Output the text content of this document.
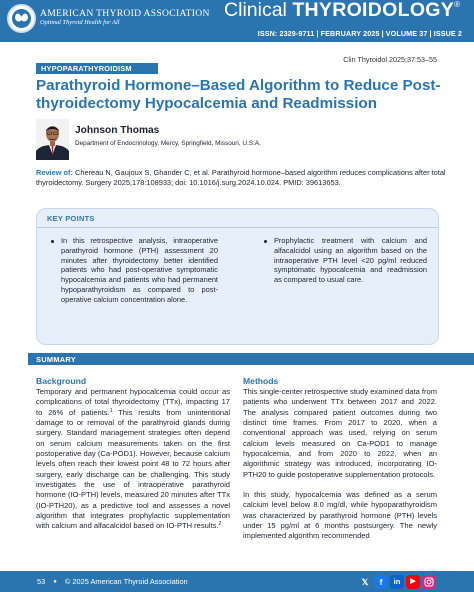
AMERICAN THYROID ASSOCIATION
Optimal Thyroid Health for All
Clinical THYROIDOLOGY®
ISSN: 2329-9711 | FEBRUARY 2025 | VOLUME 37 | ISSUE 2
Clin Thyroidol 2025;37:53–55
HYPOPARATHYROIDISM
Parathyroid Hormone–Based Algorithm to Reduce Post-thyroidectomy Hypocalcemia and Readmission
Johnson Thomas
Department of Endocrinology, Mercy, Springfield, Missouri, U.S.A.
Review of: Chereau N, Gaujoux S, Ghander C, et al. Parathyroid hormone–based algorithm reduces complications after total thyroidectomy. Surgery 2025;178:108933; doi: 10.1016/j.surg.2024.10.024. PMID: 39613653.
KEY POINTS
In this retrospective analysis, intraoperative parathyroid hormone (PTH) assessment 20 minutes after thyroidectomy better identified patients who had post-operative symptomatic hypocalcemia and patients who had permanent hypoparathyroidism as compared to post-operative calcium concentration alone.
Prophylactic treatment with calcium and alfacalcidol using an algorithm based on the intraoperative PTH level <20 pg/ml reduced symptomatic hypocalcemia and readmission as compared to usual care.
SUMMARY
Background
Temporary and permanent hypocalcemia could occur as complications of total thyroidectomy (TTx), impacting 17 to 26% of patients.$^1$ This results from unintentional damage to or removal of the parathyroid glands during surgery. Standard management strategies often depend on serum calcium measurements taken on the first postoperative day (Ca-POD1). However, because calcium levels often reach their lowest point 48 to 72 hours after surgery, early discharge can be challenging. This study investigates the use of intraoperative parathyroid hormone (IO-PTH) levels, measured 20 minutes after TTx (IO-PTH20), as a predictive tool and assesses a novel algorithm that integrates prophylactic supplementation with calcium and alfacalcidol based on IO-PTH results.$^2$
Methods
This single-center retrospective study examined data from patients who underwent TTx between 2017 and 2022. The analysis compared patient outcomes during two distinct time frames. From 2017 to 2020, when a conventional approach was used, relying on serum calcium levels measured on Ca-POD1 to manage hypocalcemia, and from 2020 to 2022, when an algorithmic strategy was introduced, incorporating IO-PTH20 to guide postoperative supplementation protocols.
In this study, hypocalcemia was defined as a serum calcium level below 8.0 mg/dl, while hypoparathyroidism was characterized by parathyroid hormone (PTH) levels under 15 pg/ml at 6 months postsurgery. The newly implemented algorithm recommended
53 ● © 2025 American Thyroid Association	𝕏	f	in	▶
